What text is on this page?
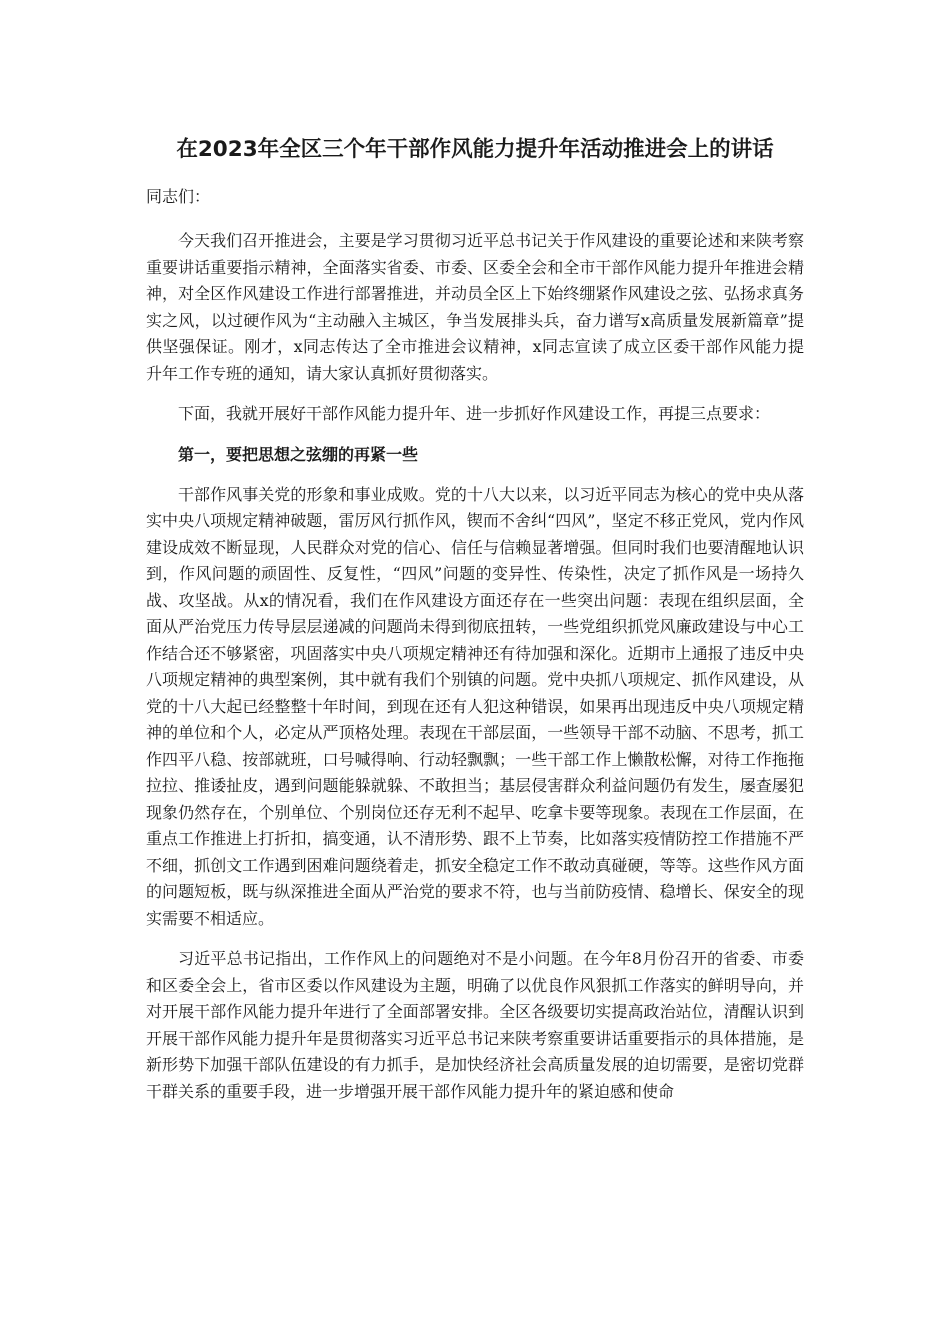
在2023年全区三个年干部作风能力提升年活动推进会上的讲话

同志们：

今天我们召开推进会，主要是学习贯彻习近平总书记关于作风建设的重要论述和来陕考察重要讲话重要指示精神，全面落实省委、市委、区委全会和全市干部作风能力提升年推进会精神，对全区作风建设工作进行部署推进，并动员全区上下始终绷紧作风建设之弦、弘扬求真务实之风，以过硬作风为“主动融入主城区，争当发展排头兵，奋力谱写x高质量发展新篇章”提供坚强保证。刚才，x同志传达了全市推进会议精神，x同志宣读了成立区委干部作风能力提升年工作专班的通知，请大家认真抓好贯彻落实。

下面，我就开展好干部作风能力提升年、进一步抓好作风建设工作，再提三点要求：

第一，要把思想之弦绷的再紧一些

干部作风事关党的形象和事业成败。党的十八大以来，以习近平同志为核心的党中央从落实中央八项规定精神破题，雷厉风行抓作风，锲而不舍纠“四风”，坚定不移正党风，党内作风建设成效不断显现，人民群众对党的信心、信任与信赖显著增强。但同时我们也要清醒地认识到，作风问题的顽固性、反复性，“四风”问题的变异性、传染性，决定了抓作风是一场持久战、攻坚战。从x的情况看，我们在作风建设方面还存在一些突出问题：表现在组织层面，全面从严治党压力传导层层递减的问题尚未得到彻底扭转，一些党组织抓党风廉政建设与中心工作结合还不够紧密，巩固落实中央八项规定精神还有待加强和深化。近期市上通报了违反中央八项规定精神的典型案例，其中就有我们个别镇的问题。党中央抓八项规定、抓作风建设，从党的十八大起已经整整十年时间，到现在还有人犯这种错误，如果再出现违反中央八项规定精神的单位和个人，必定从严顶格处理。表现在干部层面，一些领导干部不动脑、不思考，抓工作四平八稳、按部就班，口号喊得响、行动轻飘飘；一些干部工作上懒散松懈，对待工作拖拖拉拉、推诿扯皮，遇到问题能躲就躲、不敢担当；基层侵害群众利益问题仍有发生，屡查屡犯现象仍然存在，个别单位、个别岗位还存无利不起早、吃拿卡要等现象。表现在工作层面，在重点工作推进上打折扣，搞变通，认不清形势、跟不上节奏，比如落实疫情防控工作措施不严不细，抓创文工作遇到困难问题绕着走，抓安全稳定工作不敢动真碰硬，等等。这些作风方面的问题短板，既与纵深推进全面从严治党的要求不符，也与当前防疫情、稳增长、保安全的现实需要不相适应。

习近平总书记指出，工作作风上的问题绝对不是小问题。在今年8月份召开的省委、市委和区委全会上，省市区委以作风建设为主题，明确了以优良作风狠抓工作落实的鲜明导向，并对开展干部作风能力提升年进行了全面部署安排。全区各级要切实提高政治站位，清醒认识到开展干部作风能力提升年是贯彻落实习近平总书记来陕考察重要讲话重要指示的具体措施，是新形势下加强干部队伍建设的有力抓手，是加快经济社会高质量发展的迫切需要，是密切党群干群关系的重要手段，进一步增强开展干部作风能力提升年的紧迫感和使命
